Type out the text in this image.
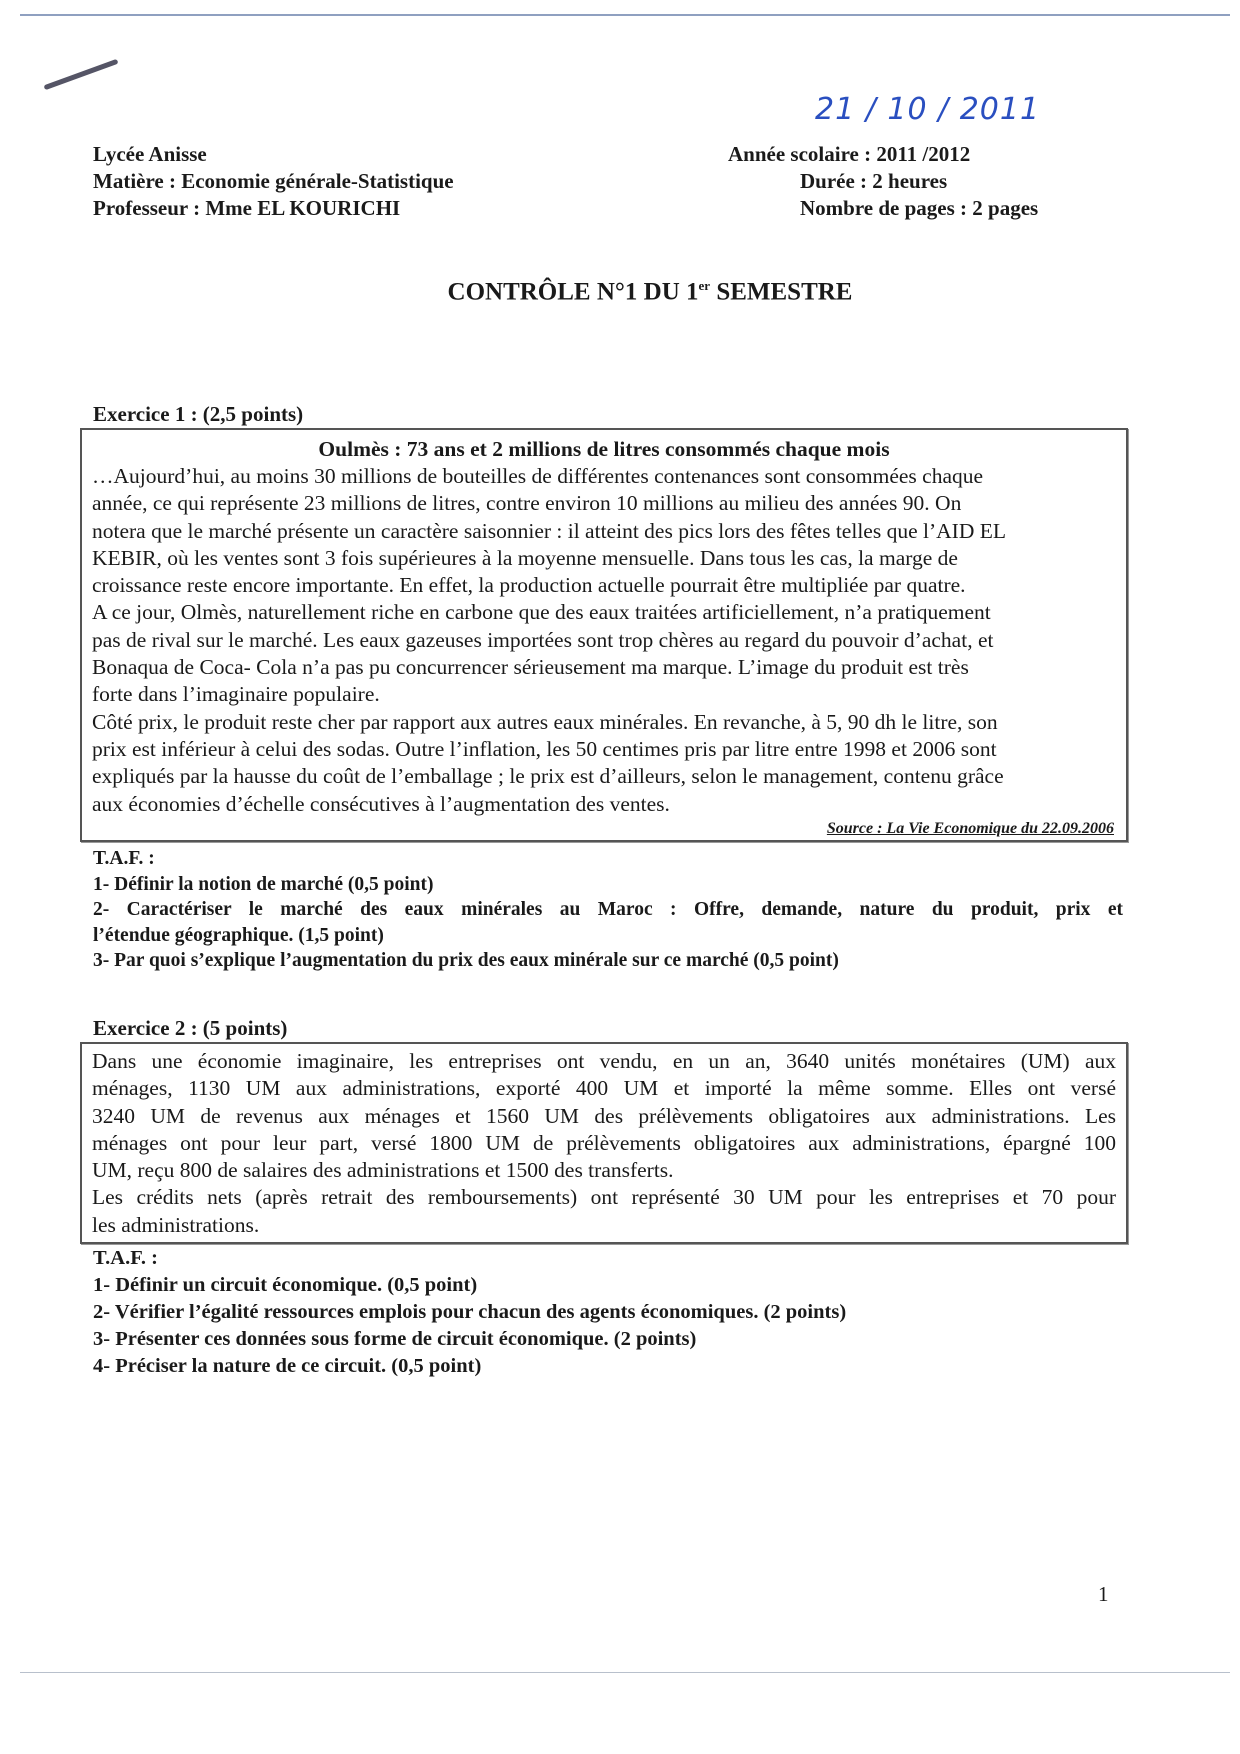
21 / 10 / 2011
Lycée Anisse
Matière : Economie générale-Statistique
Professeur : Mme EL KOURICHI
Année scolaire : 2011 /2012
Durée : 2 heures
Nombre de pages : 2 pages
CONTRÔLE N°1 DU 1er SEMESTRE
Exercice 1 : (2,5 points)
Oulmès : 73 ans et 2 millions de litres consommés chaque mois
…Aujourd’hui, au moins 30 millions de bouteilles de différentes contenances sont consommées chaque
année, ce qui représente 23 millions de litres, contre environ 10 millions au milieu des années 90. On
notera que le marché présente un caractère saisonnier : il atteint des pics lors des fêtes telles que l’AID EL
KEBIR, où les ventes sont 3 fois supérieures à la moyenne mensuelle. Dans tous les cas, la marge de
croissance reste encore importante. En effet, la production actuelle pourrait être multipliée par quatre.
A ce jour, Olmès, naturellement riche en carbone que des eaux traitées artificiellement, n’a pratiquement
pas de rival sur le marché. Les eaux gazeuses importées sont trop chères au regard du pouvoir d’achat, et
Bonaqua de Coca- Cola n’a pas pu concurrencer sérieusement ma marque. L’image du produit est très
forte dans l’imaginaire populaire.
Côté prix, le produit reste cher par rapport aux autres eaux minérales. En revanche, à 5, 90 dh le litre, son
prix est inférieur à celui des sodas. Outre l’inflation, les 50 centimes pris par litre entre 1998 et 2006 sont
expliqués par la hausse du coût de l’emballage ; le prix est d’ailleurs, selon le management, contenu grâce
aux économies d’échelle consécutives à l’augmentation des ventes.
Source : La Vie Economique du 22.09.2006
T.A.F. :
1- Définir la notion de marché (0,5 point)
2- Caractériser le marché des eaux minérales au Maroc : Offre, demande, nature du produit, prix et
l’étendue géographique. (1,5 point)
3- Par quoi s’explique l’augmentation du prix des eaux minérale sur ce marché (0,5 point)
Exercice 2 : (5 points)
Dans une économie imaginaire, les entreprises ont vendu, en un an, 3640 unités monétaires (UM) aux
ménages, 1130 UM aux administrations, exporté 400 UM et importé la même somme. Elles ont versé
3240 UM de revenus aux ménages et 1560 UM des prélèvements obligatoires aux administrations. Les
ménages ont pour leur part, versé 1800 UM de prélèvements obligatoires aux administrations, épargné 100
UM, reçu 800 de salaires des administrations et 1500 des transferts.
Les crédits nets (après retrait des remboursements) ont représenté 30 UM pour les entreprises et 70 pour
les administrations.
T.A.F. :
1- Définir un circuit économique. (0,5 point)
2- Vérifier l’égalité ressources emplois pour chacun des agents économiques. (2 points)
3- Présenter ces données sous forme de circuit économique. (2 points)
4- Préciser la nature de ce circuit. (0,5 point)
1
